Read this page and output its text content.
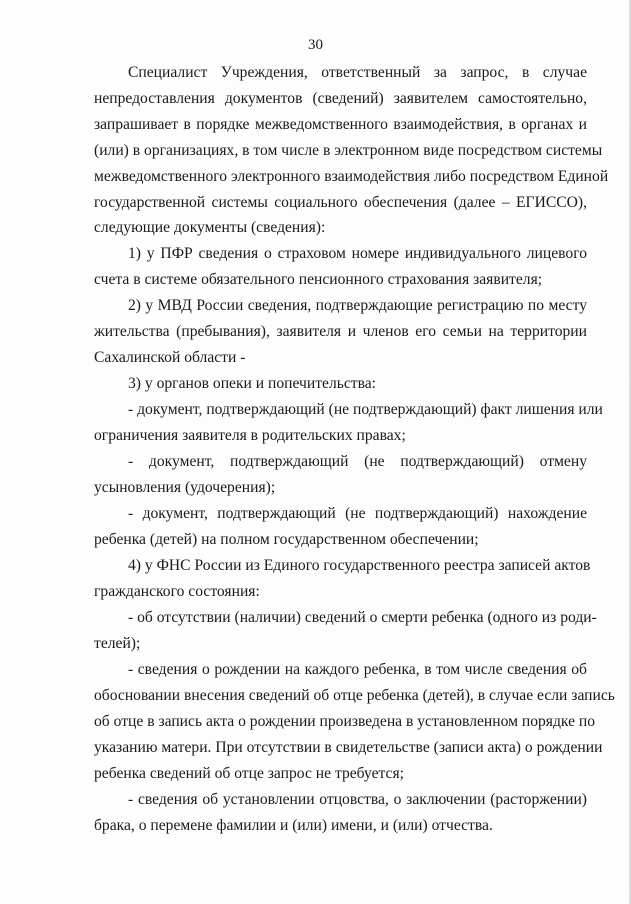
30
Специалист Учреждения, ответственный за запрос, в случае
непредоставления документов (сведений) заявителем самостоятельно,
запрашивает в порядке межведомственного взаимодействия, в органах и
(или) в организациях, в том числе в электронном виде посредством системы
межведомственного электронного взаимодействия либо посредством Единой
государственной системы социального обеспечения (далее – ЕГИССО),
следующие документы (сведения):
1) у ПФР сведения о страховом номере индивидуального лицевого
счета в системе обязательного пенсионного страхования заявителя;
2) у МВД России сведения, подтверждающие регистрацию по месту
жительства (пребывания), заявителя и членов его семьи на территории
Сахалинской области -
3) у органов опеки и попечительства:
- документ, подтверждающий (не подтверждающий) факт лишения или
ограничения заявителя в родительских правах;
- документ, подтверждающий (не подтверждающий) отмену
усыновления (удочерения);
- документ, подтверждающий (не подтверждающий) нахождение
ребенка (детей) на полном государственном обеспечении;
4) у ФНС России из Единого государственного реестра записей актов
гражданского состояния:
- об отсутствии (наличии) сведений о смерти ребенка (одного из роди-
телей);
- сведения о рождении на каждого ребенка, в том числе сведения об
обосновании внесения сведений об отце ребенка (детей), в случае если запись
об отце в запись акта о рождении произведена в установленном порядке по
указанию матери. При отсутствии в свидетельстве (записи акта) о рождении
ребенка сведений об отце запрос не требуется;
- сведения об установлении отцовства, о заключении (расторжении)
брака, о перемене фамилии и (или) имени, и (или) отчества.
